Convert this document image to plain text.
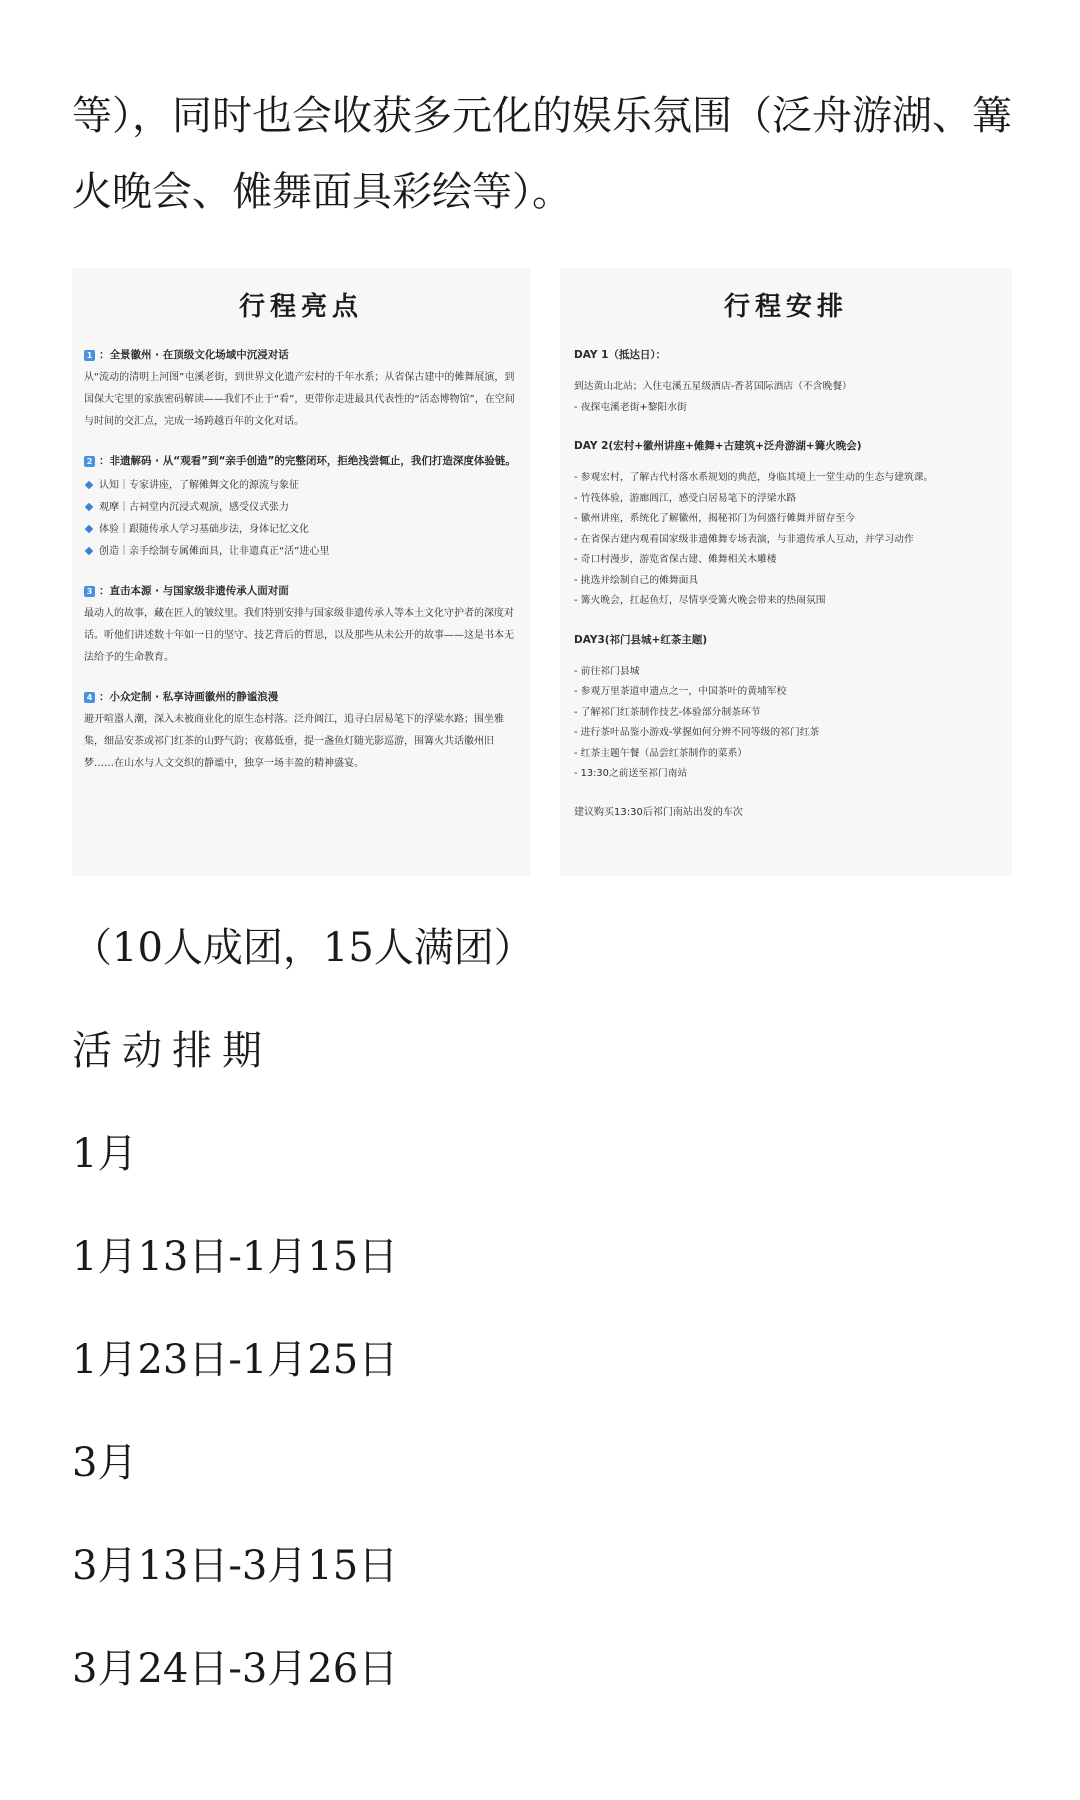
等），同时也会收获多元化的娱乐氛围（泛舟游湖、篝火晚会、傩舞面具彩绘等）。

行程亮点
1 ：全景徽州 · 在顶级文化场域中沉浸对话
从“流动的清明上河图”屯溪老街，到世界文化遗产宏村的千年水系；从省保古建中的傩舞展演，到国保大宅里的家族密码解读——我们不止于“看”，更带你走进最具代表性的“活态博物馆”，在空间与时间的交汇点，完成一场跨越百年的文化对话。
2 ：非遗解码 · 从“观看”到“亲手创造”的完整闭环，拒绝浅尝辄止，我们打造深度体验链。
认知｜专家讲座，了解傩舞文化的源流与象征
观摩｜古祠堂内沉浸式观演，感受仪式张力
体验｜跟随传承人学习基础步法，身体记忆文化
创造｜亲手绘制专属傩面具，让非遗真正“活”进心里
3 ：直击本源 · 与国家级非遗传承人面对面
最动人的故事，藏在匠人的皱纹里。我们特别安排与国家级非遗传承人等本土文化守护者的深度对话。听他们讲述数十年如一日的坚守、技艺背后的哲思，以及那些从未公开的故事——这是书本无法给予的生命教育。
4 ：小众定制 · 私享诗画徽州的静谧浪漫
避开喧嚣人潮，深入未被商业化的原生态村落。泛舟阊江，追寻白居易笔下的浮梁水路；围坐雅集，细品安茶或祁门红茶的山野气韵；夜幕低垂，提一盏鱼灯随光影巡游，围篝火共话徽州旧梦……在山水与人文交织的静谧中，独享一场丰盈的精神盛宴。
行程安排
DAY 1（抵达日）：
到达黄山北站；入住屯溪五星级酒店-香茗国际酒店（不含晚餐）
- 夜探屯溪老街+黎阳水街
DAY 2(宏村+徽州讲座+傩舞+古建筑+泛舟游湖+篝火晚会)
- 参观宏村，了解古代村落水系规划的典范，身临其境上一堂生动的生态与建筑课。
- 竹筏体验，游廊阊江，感受白居易笔下的浮梁水路
- 徽州讲座，系统化了解徽州，揭秘祁门为何盛行傩舞并留存至今
- 在省保古建内观看国家级非遗傩舞专场表演，与非遗传承人互动，并学习动作
- 奇口村漫步，游览省保古建、傩舞相关木雕楼
- 挑选并绘制自己的傩舞面具
- 篝火晚会，扛起鱼灯，尽情享受篝火晚会带来的热闹氛围
DAY3(祁门县城+红茶主题)
- 前往祁门县城
- 参观万里茶道申遗点之一，中国茶叶的黄埔军校
- 了解祁门红茶制作技艺-体验部分制茶环节
- 进行茶叶品鉴小游戏-掌握如何分辨不同等级的祁门红茶
- 红茶主题午餐（品尝红茶制作的菜系）
- 13:30之前送至祁门南站
建议购买13:30后祁门南站出发的车次

（10人成团，15人满团）

活动排期

1月

1月13日-1月15日

1月23日-1月25日

3月

3月13日-3月15日

3月24日-3月26日
